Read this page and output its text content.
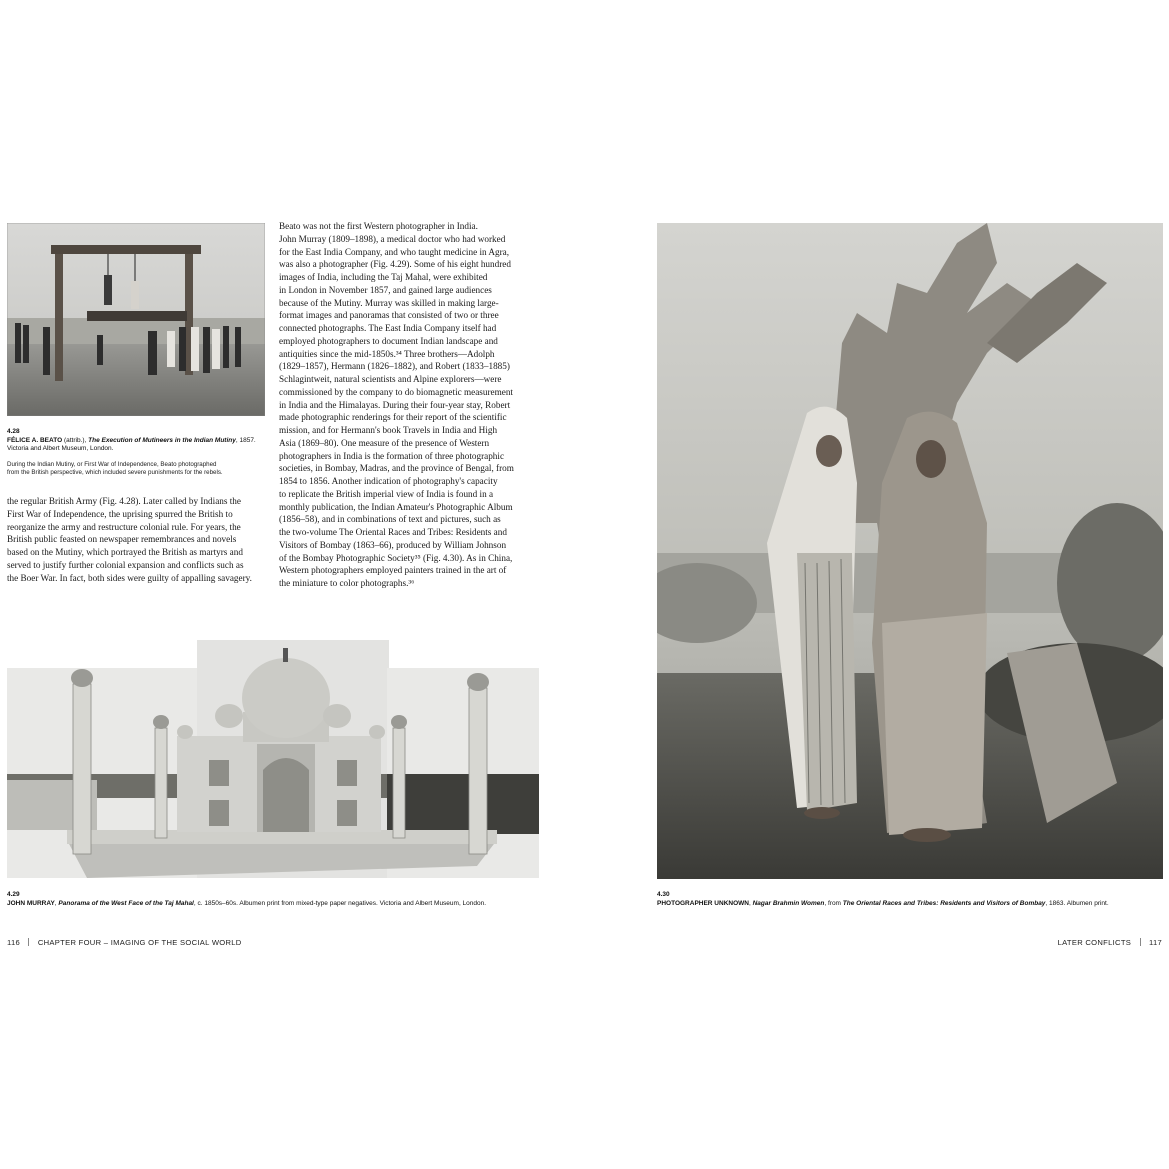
4.28
FÉLICE A. BEATO (attrib.), The Execution of Mutineers in the Indian Mutiny, 1857.
Victoria and Albert Museum, London.
During the Indian Mutiny, or First War of Independence, Beato photographed
from the British perspective, which included severe punishments for the rebels.
the regular British Army (Fig. 4.28). Later called by Indians the
First War of Independence, the uprising spurred the British to
reorganize the army and restructure colonial rule. For years, the
British public feasted on newspaper remembrances and novels
based on the Mutiny, which portrayed the British as martyrs and
served to justify further colonial expansion and conflicts such as
the Boer War. In fact, both sides were guilty of appalling savagery.
Beato was not the first Western photographer in India.
John Murray (1809–1898), a medical doctor who had worked
for the East India Company, and who taught medicine in Agra,
was also a photographer (Fig. 4.29). Some of his eight hundred
images of India, including the Taj Mahal, were exhibited
in London in November 1857, and gained large audiences
because of the Mutiny. Murray was skilled in making large-
format images and panoramas that consisted of two or three
connected photographs. The East India Company itself had
employed photographers to document Indian landscape and
antiquities since the mid-1850s.³⁴ Three brothers—Adolph
(1829–1857), Hermann (1826–1882), and Robert (1833–1885)
Schlagintweit, natural scientists and Alpine explorers—were
commissioned by the company to do biomagnetic measurement
in India and the Himalayas. During their four-year stay, Robert
made photographic renderings for their report of the scientific
mission, and for Hermann's book Travels in India and High
Asia (1869–80). One measure of the presence of Western
photographers in India is the formation of three photographic
societies, in Bombay, Madras, and the province of Bengal, from
1854 to 1856. Another indication of photography's capacity
to replicate the British imperial view of India is found in a
monthly publication, the Indian Amateur's Photographic Album
(1856–58), and in combinations of text and pictures, such as
the two-volume The Oriental Races and Tribes: Residents and
Visitors of Bombay (1863–66), produced by William Johnson
of the Bombay Photographic Society³⁵ (Fig. 4.30). As in China,
Western photographers employed painters trained in the art of
the miniature to color photographs.³⁶
4.29
JOHN MURRAY, Panorama of the West Face of the Taj Mahal, c. 1850s–60s. Albumen print from mixed-type paper negatives. Victoria and Albert Museum, London.
116 CHAPTER FOUR – IMAGING OF THE SOCIAL WORLD
4.30
PHOTOGRAPHER UNKNOWN, Nagar Brahmin Women, from The Oriental Races and Tribes: Residents and Visitors of Bombay, 1863. Albumen print.
LATER CONFLICTS 117
